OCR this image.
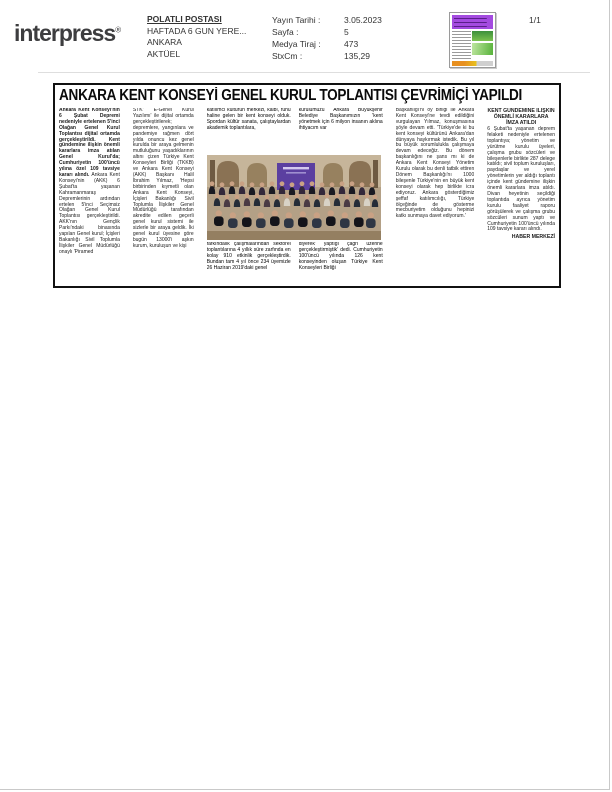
interpress®
POLATLI POSTASI
HAFTADA 6 GUN YERE...
ANKARA
AKTÜEL
Yayın Tarihi :	3.05.2023
Sayfa :	5
Medya Tiraj :	473
StxCm :	135,29
1/1
ANKARA KENT KONSEYİ GENEL KURUL TOPLANTISI ÇEVRİMİÇİ YAPILDI
Ankara Kent Konseyi'nin 6 Şubat Depremi nedeniyle ertelenen 5'inci Olağan Genel Kurul Toplantısı dijital ortamda gerçekleştirildi. Kent gündemine ilişkin önemli kararlara imza atılan Genel Kurul'da; Cumhuriyetin 100'üncü yılına özel 109 tavsiye kararı alındı. Ankara Kent Konseyi'nin (AKK) 6 Şubat'ta yaşanan Kahramanmaraş Depremlerinin ardından ertelen 5'inci Seçimsiz Olağan Genel Kurul Toplantısı gerçekleştirildi. AKK'nın Gençlik Parkı'ndaki binasında yapılan Genel kurul; İçişleri Bakanlığı Sivil Toplumla İlişkiler Genel Müdürlüğü onaylı 'Piramed
STK' E-Genel Kurul Yazılımı' ile dijital ortamda gerçekleştirilerek; depremlere, yangınlara ve pandemiye rağmen dört yılda onuncu kez genel kurulda bir araya gelmenin mutluluğunu yaşadıklarının altını çizen Türkiye Kent Konseyleri Birliği (TKKB) ve Ankara Kent Konseyi (AKK) Başkanı Halil İbrahim Yılmaz, 'Hepsi birbirinden kıymetli olan Ankara Kent Konseyi, İçişleri Bakanlığı Sivil Toplumla İlişkiler Genel Müdürlüğü tarafından akredite edilen geçerli genel kurul sistemi ile sizlerle bir araya geldik. İki genel kurul üyesine göre bugün 13000'i aşkın kurum, kuruluşun ve kişi
katılımcı kültürün merkezi, kalbi, ruhu haline gelen bir kent konseyi olduk. Spordan kültür sanata, çalıştaylardan akademik toplantılara,
kurulumuzu Ankara Büyükşehir Belediye Başkanımızın 'kent yönetmek için 6 milyon insanın aklına ihtiyacım var
farkındalık çalışmalarından sektörel toplantılarına 4 yıllık süre zarfında en kolay 910 etkinlik gerçekleştirdik. Bundan tam 4 yıl önce 234 üyemizle 26 Haziran 2019'daki genel
diyerek' yaptığı çağrı üzerine gerçekleştirmiştik' dedi. Cumhuriyetin 100'üncü yılında 126 kent konseyinden oluşan Türkiye Kent Konseyleri Birliği
Başkanlığı'nı oy birliği ile Ankara Kent Konseyi'ne tevdi edildiğini vurgulayan Yılmaz, konuşmasına şöyle devam etti. 'Türkiye'de ki bu kent konseyi kültürünü Ankara'dan dünyaya haykırmak istedik. Bu yıl bu büyük sorumlulukla çalışmaya devam edeceğiz. Bu dönem başkanlığını ne şans mı ki de Ankara Kent Konseyi Yönetim Kurulu olarak bu denli tatbik ettiren Dönem Başkanlığı'nı 1000 bileşenle Türkiye'nin en büyük kent konseyi olarak hep birlikte icra ediyoruz. Ankara gösterdiğimiz şeffaf katılımcılığı, Türkiye ölçeğinde de gösterme mecburiyetim olduğunu hepinizi katkı sunmaya davet ediyorum.'
KENT GÜNDEMİNE İLİŞKİN ÖNEMLİ KARARLARA İMZA ATILDI
6 Şubat'ta yaşanan deprem felaketi nedeniyle ertelenen toplantıya; yönetim ve yürütme kurulu üyeleri, çalışma grubu sözcüleri ve bileşenlerle birlikte 287 delege katıldı; sivil toplum kuruluşları, paydaşlar ve yerel yönetimlerin yer aldığı toplantı içinde kent gündemine ilişkin önemli kararlara imza atıldı. Divan heyetinin seçildiği toplantıda ayrıca yönetim kurulu faaliyet raporu görüşülerek ve çalışma grubu sözcüleri sunum yaptı ve Cumhuriyetin 100'üncü yılında 109 tavsiye kararı alındı.
HABER MERKEZİ
